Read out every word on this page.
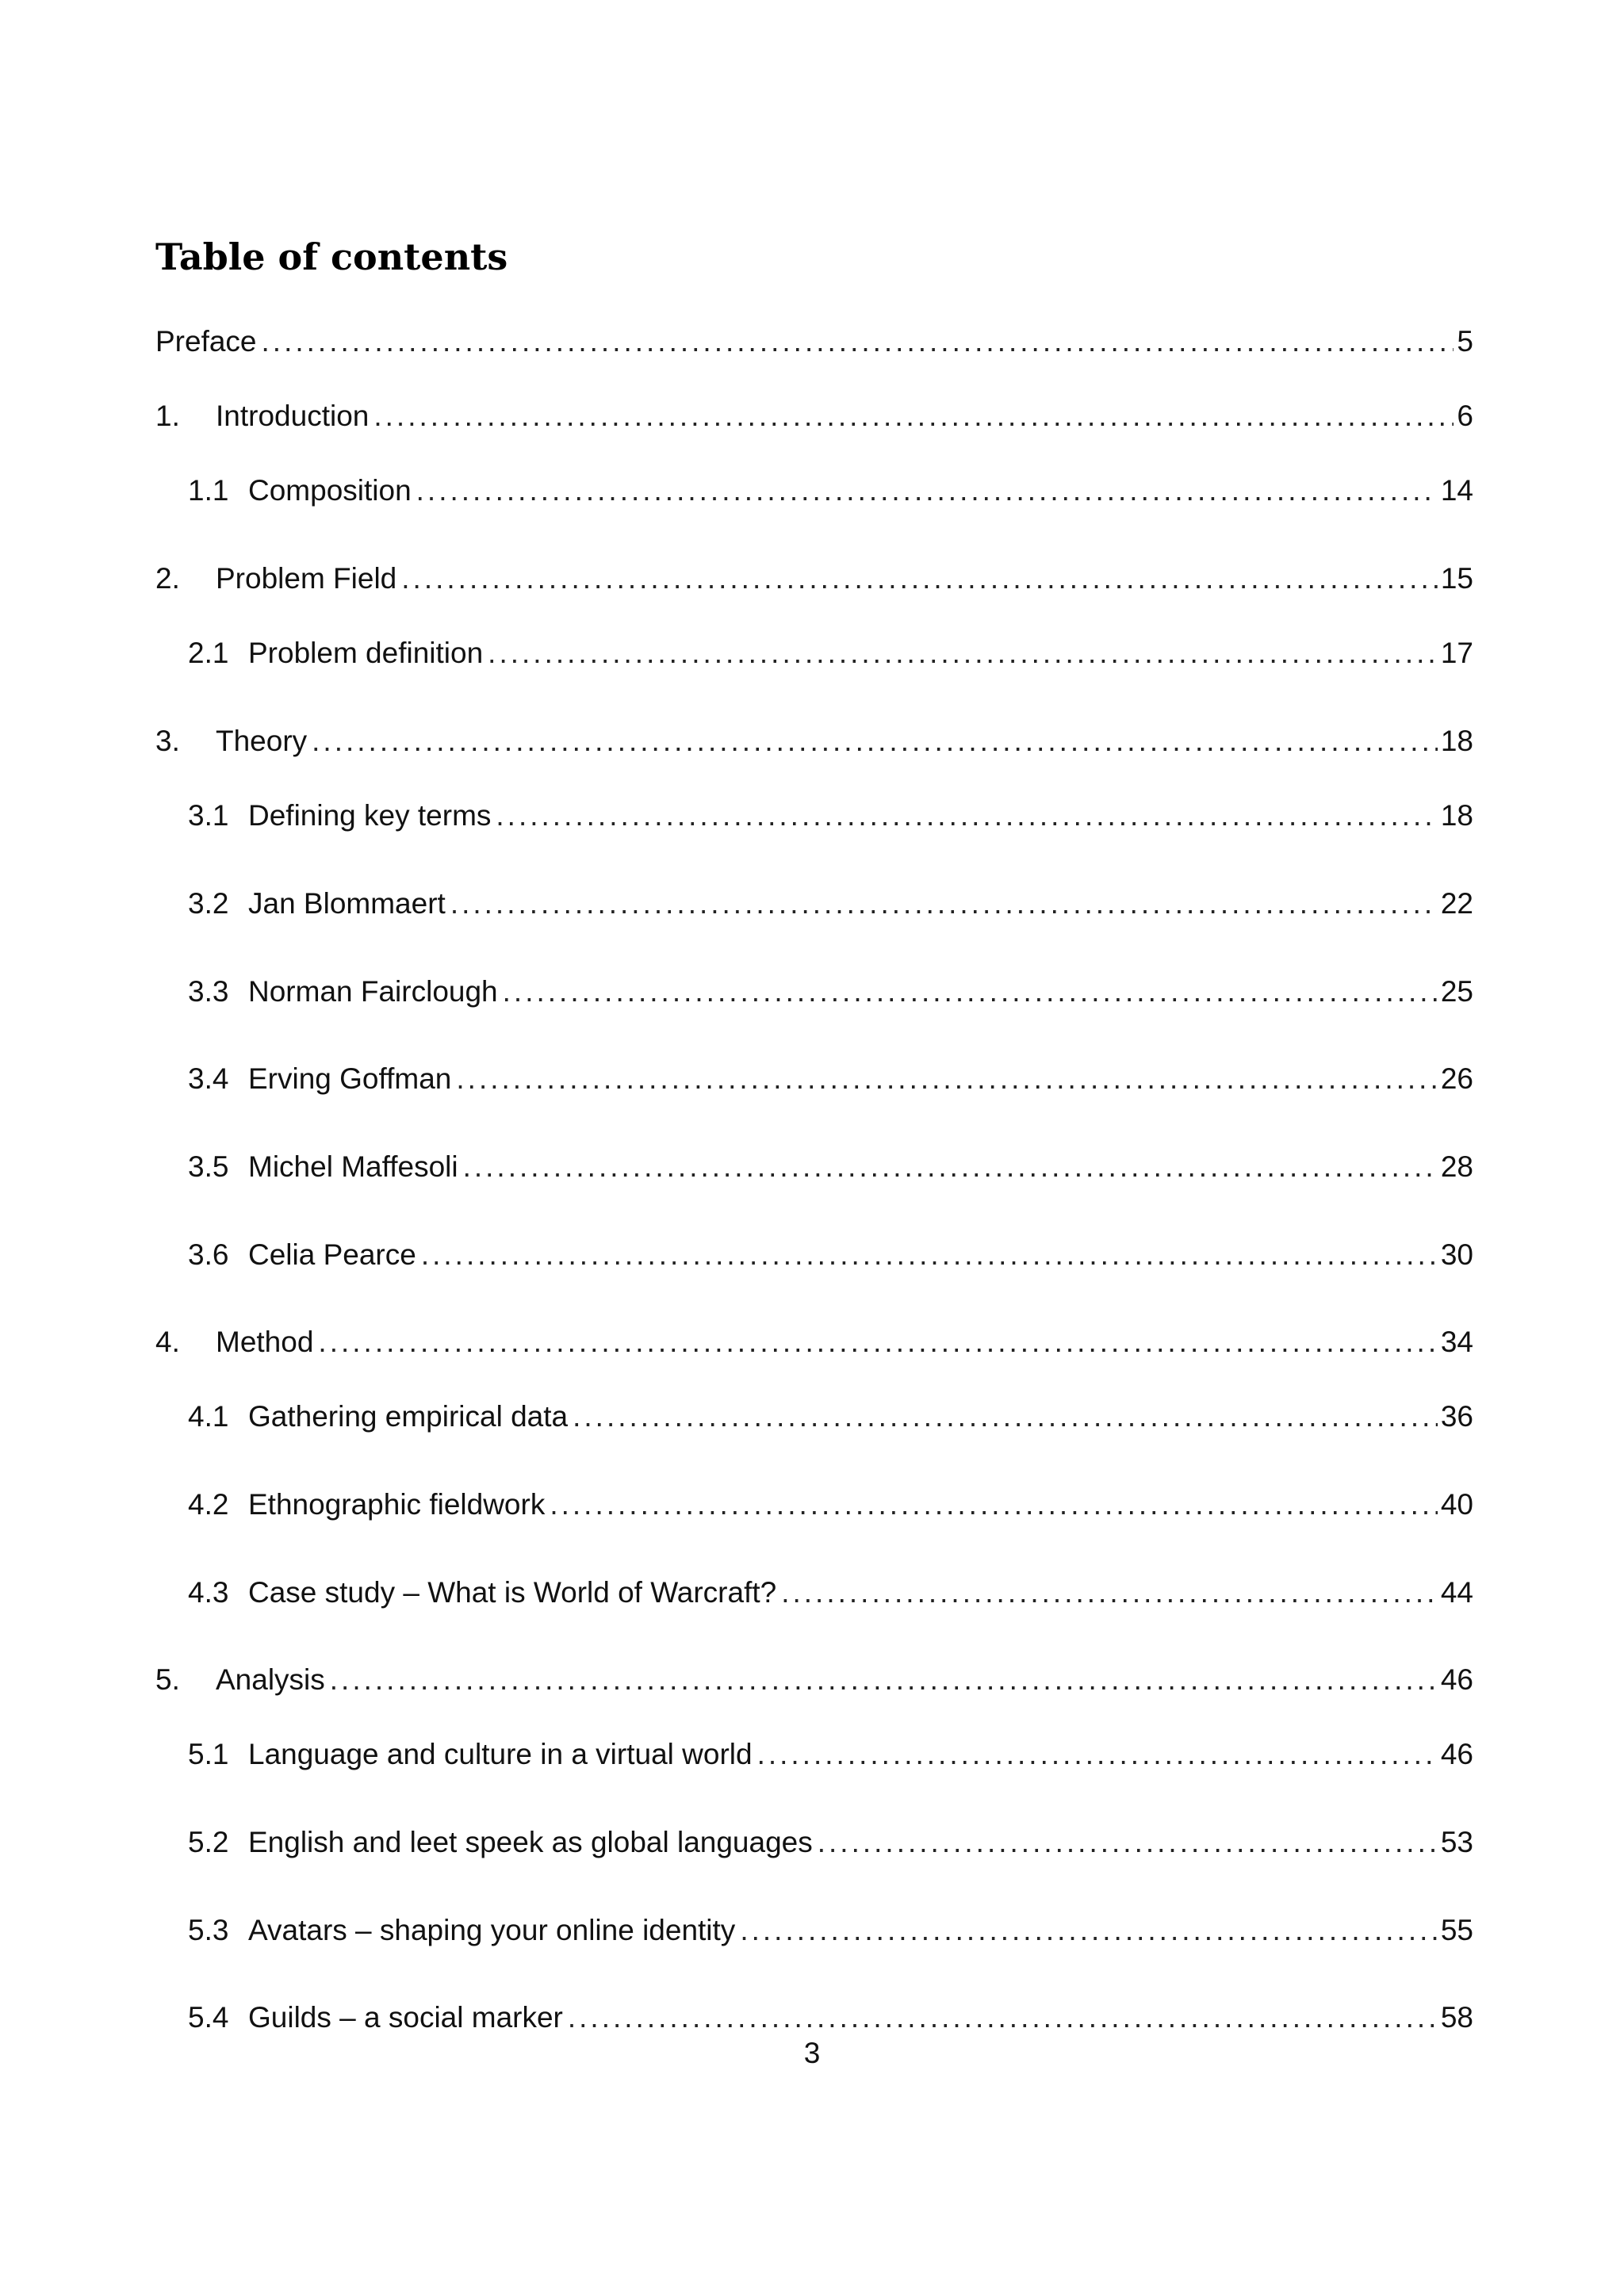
Table of contents
Preface .....	5
1.	Introduction .....	6
1.1 Composition .....	14
2.	Problem Field .....	15
2.1 Problem definition .....	17
3.	Theory .....	18
3.1 Defining key terms .....	18
3.2 Jan Blommaert .....	22
3.3 Norman Fairclough .....	25
3.4 Erving Goffman .....	26
3.5 Michel Maffesoli .....	28
3.6 Celia Pearce .....	30
4.	Method .....	34
4.1 Gathering empirical data .....	36
4.2 Ethnographic fieldwork .....	40
4.3 Case study – What is World of Warcraft? .....	44
5.	Analysis .....	46
5.1 Language and culture in a virtual world .....	46
5.2 English and leet speek as global languages .....	53
5.3 Avatars – shaping your online identity .....	55
5.4 Guilds – a social marker .....	58
3
